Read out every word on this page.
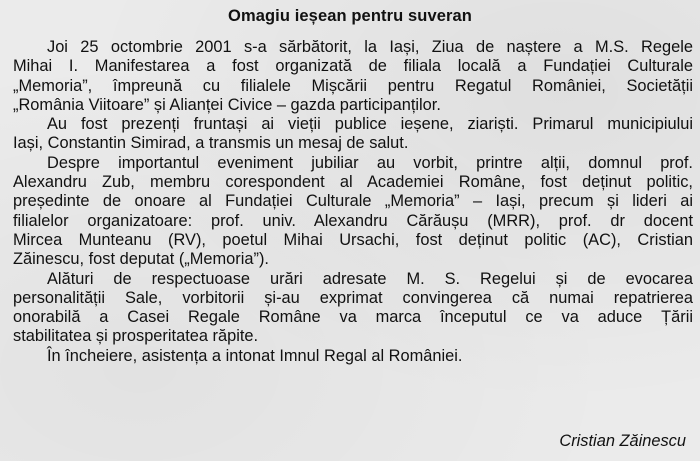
Omagiu ieșean pentru suveran
Joi 25 octombrie 2001 s-a sărbătorit, la Iași, Ziua de naștere a M.S. Regele
Mihai I. Manifestarea a fost organizată de filiala locală a Fundației Culturale
„Memoria”, împreună cu filialele Mișcării pentru Regatul României, Societății
„România Viitoare” și Alianței Civice – gazda participanților.
Au fost prezenți fruntași ai vieții publice ieșene, ziariști. Primarul municipiului
Iași, Constantin Simirad, a transmis un mesaj de salut.
Despre importantul eveniment jubiliar au vorbit, printre alții, domnul prof.
Alexandru Zub, membru corespondent al Academiei Române, fost deținut politic,
președinte de onoare al Fundației Culturale „Memoria” – Iași, precum și lideri ai
filialelor organizatoare: prof. univ. Alexandru Cărăușu (MRR), prof. dr docent
Mircea Munteanu (RV), poetul Mihai Ursachi, fost deținut politic (AC), Cristian
Zăinescu, fost deputat („Memoria”).
Alături de respectuoase urări adresate M. S. Regelui și de evocarea
personalității Sale, vorbitorii și-au exprimat convingerea că numai repatrierea
onorabilă a Casei Regale Române va marca începutul ce va aduce Țării
stabilitatea și prosperitatea răpite.
În încheiere, asistența a intonat Imnul Regal al României.
Cristian Zăinescu
